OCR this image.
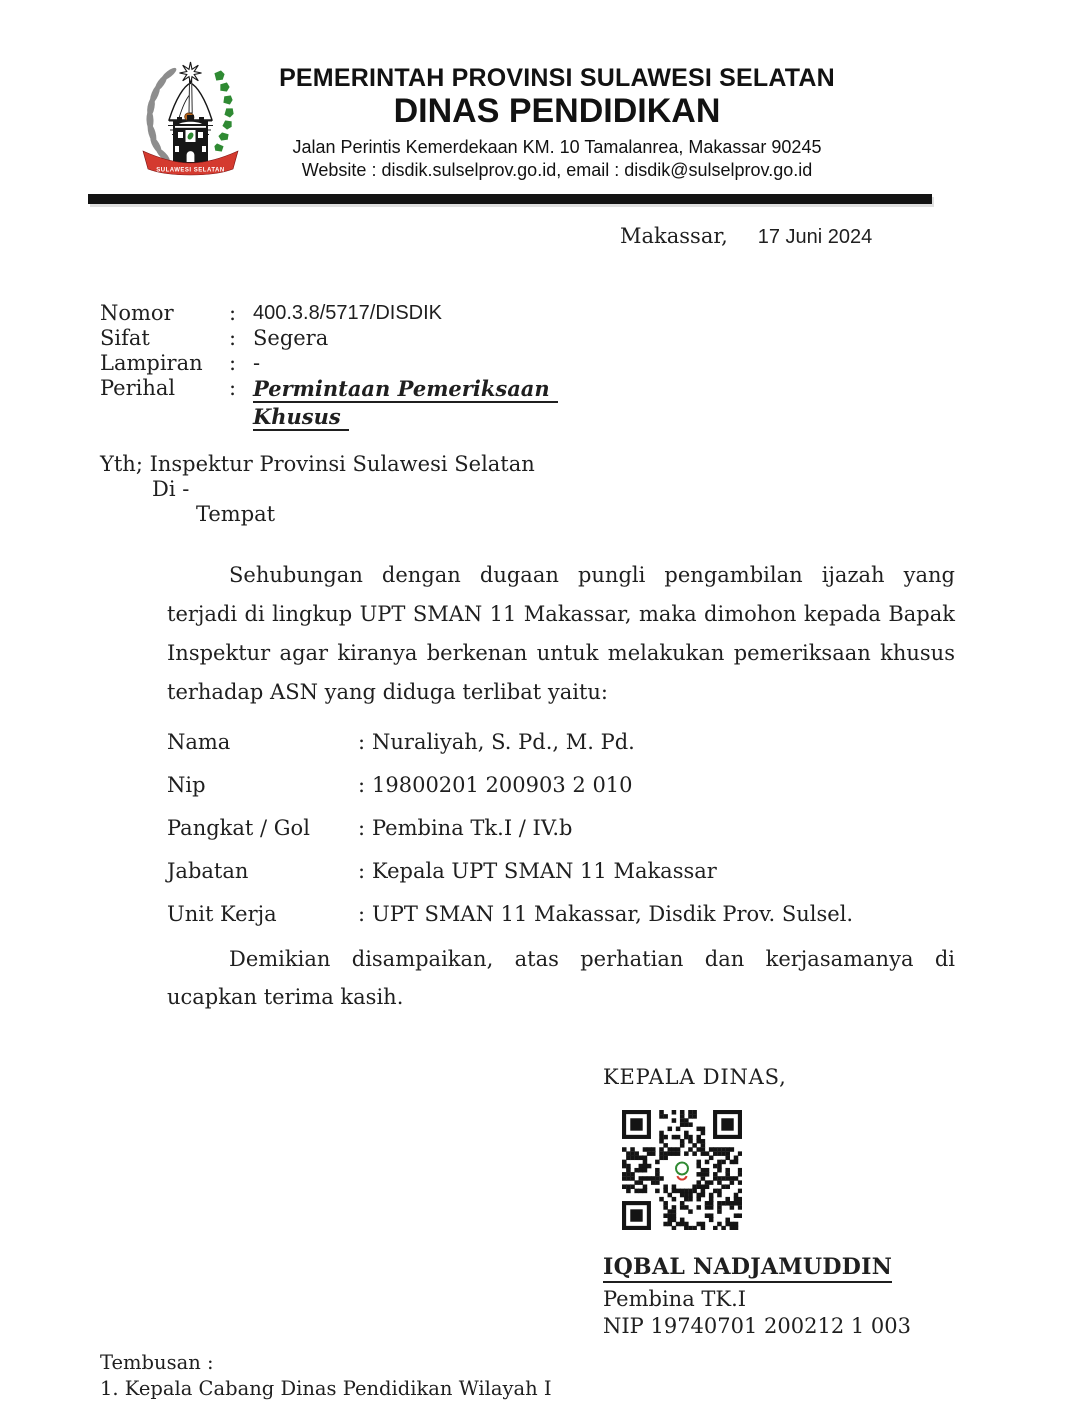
SULAWESI SELATAN
PEMERINTAH PROVINSI SULAWESI SELATAN
DINAS PENDIDIKAN
Jalan Perintis Kemerdekaan KM. 10 Tamalanrea, Makassar 90245
Website : disdik.sulselprov.go.id, email : disdik@sulselprov.go.id
Makassar, 17 Juni 2024
Nomor	: 400.3.8/5717/DISDIK
Sifat	: Segera
Lampiran	: -
Perihal	: Permintaan Pemeriksaan
Khusus
Yth; Inspektur Provinsi Sulawesi Selatan
Di -
Tempat

Sehubungan dengan dugaan pungli pengambilan ijazah yang terjadi di lingkup UPT SMAN 11 Makassar, maka dimohon kepada Bapak Inspektur agar kiranya berkenan untuk melakukan pemeriksaan khusus terhadap ASN yang diduga terlibat yaitu:

Nama	: Nuraliyah, S. Pd., M. Pd.
Nip	: 19800201 200903 2 010
Pangkat / Gol	: Pembina Tk.I / IV.b
Jabatan	: Kepala UPT SMAN 11 Makassar
Unit Kerja	: UPT SMAN 11 Makassar, Disdik Prov. Sulsel.

Demikian disampaikan, atas perhatian dan kerjasamanya di ucapkan terima kasih.

KEPALA DINAS,
IQBAL NADJAMUDDIN
Pembina TK.I
NIP 19740701 200212 1 003
Tembusan :
1. Kepala Cabang Dinas Pendidikan Wilayah I
